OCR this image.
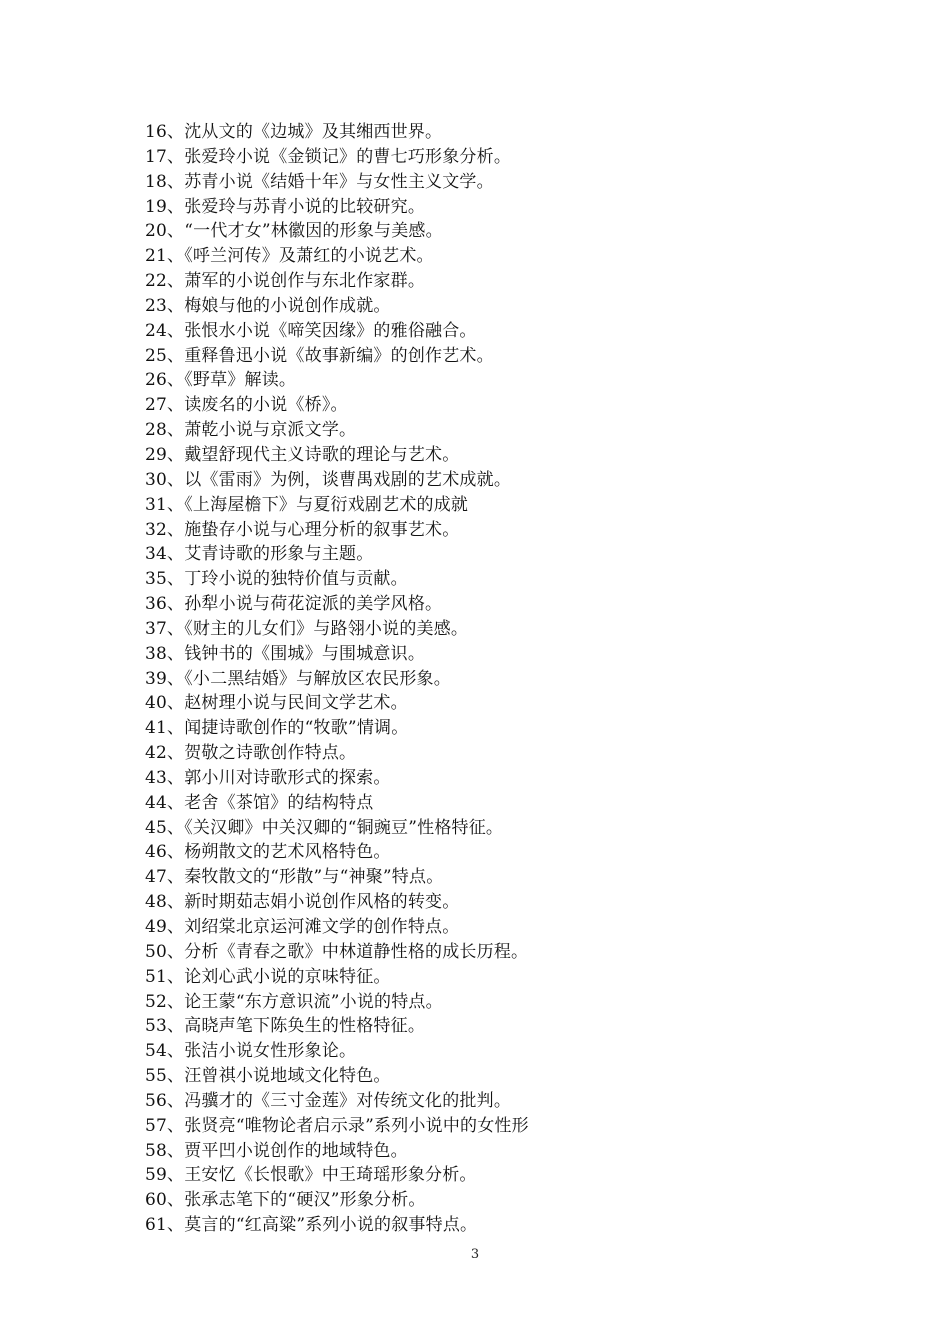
16、沈从文的《边城》及其缃西世界。
17、张爱玲小说《金锁记》的曹七巧形象分析。
18、苏青小说《结婚十年》与女性主义文学。
19、张爱玲与苏青小说的比较研究。
20、“一代才女”林徽因的形象与美感。
21、《呼兰河传》及萧红的小说艺术。
22、萧军的小说创作与东北作家群。
23、梅娘与他的小说创作成就。
24、张恨水小说《啼笑因缘》的雅俗融合。
25、重释鲁迅小说《故事新编》的创作艺术。
26、《野草》解读。
27、读废名的小说《桥》。
28、萧乾小说与京派文学。
29、戴望舒现代主义诗歌的理论与艺术。
30、以《雷雨》为例，谈曹禺戏剧的艺术成就。
31、《上海屋檐下》与夏衍戏剧艺术的成就
32、施蛰存小说与心理分析的叙事艺术。
34、艾青诗歌的形象与主题。
35、丁玲小说的独特价值与贡献。
36、孙犁小说与荷花淀派的美学风格。
37、《财主的儿女们》与路翎小说的美感。
38、钱钟书的《围城》与围城意识。
39、《小二黑结婚》与解放区农民形象。
40、赵树理小说与民间文学艺术。
41、闻捷诗歌创作的“牧歌”情调。
42、贺敬之诗歌创作特点。
43、郭小川对诗歌形式的探索。
44、老舍《茶馆》的结构特点
45、《关汉卿》中关汉卿的“铜豌豆”性格特征。
46、杨朔散文的艺术风格特色。
47、秦牧散文的“形散”与“神聚”特点。
48、新时期茹志娟小说创作风格的转变。
49、刘绍棠北京运河滩文学的创作特点。
50、分析《青春之歌》中林道静性格的成长历程。
51、论刘心武小说的京味特征。
52、论王蒙“东方意识流”小说的特点。
53、高晓声笔下陈奂生的性格特征。
54、张洁小说女性形象论。
55、汪曾祺小说地域文化特色。
56、冯骥才的《三寸金莲》对传统文化的批判。
57、张贤亮“唯物论者启示录”系列小说中的女性形
58、贾平凹小说创作的地域特色。
59、王安忆《长恨歌》中王琦瑶形象分析。
60、张承志笔下的“硬汉”形象分析。
61、莫言的“红高粱”系列小说的叙事特点。
3
